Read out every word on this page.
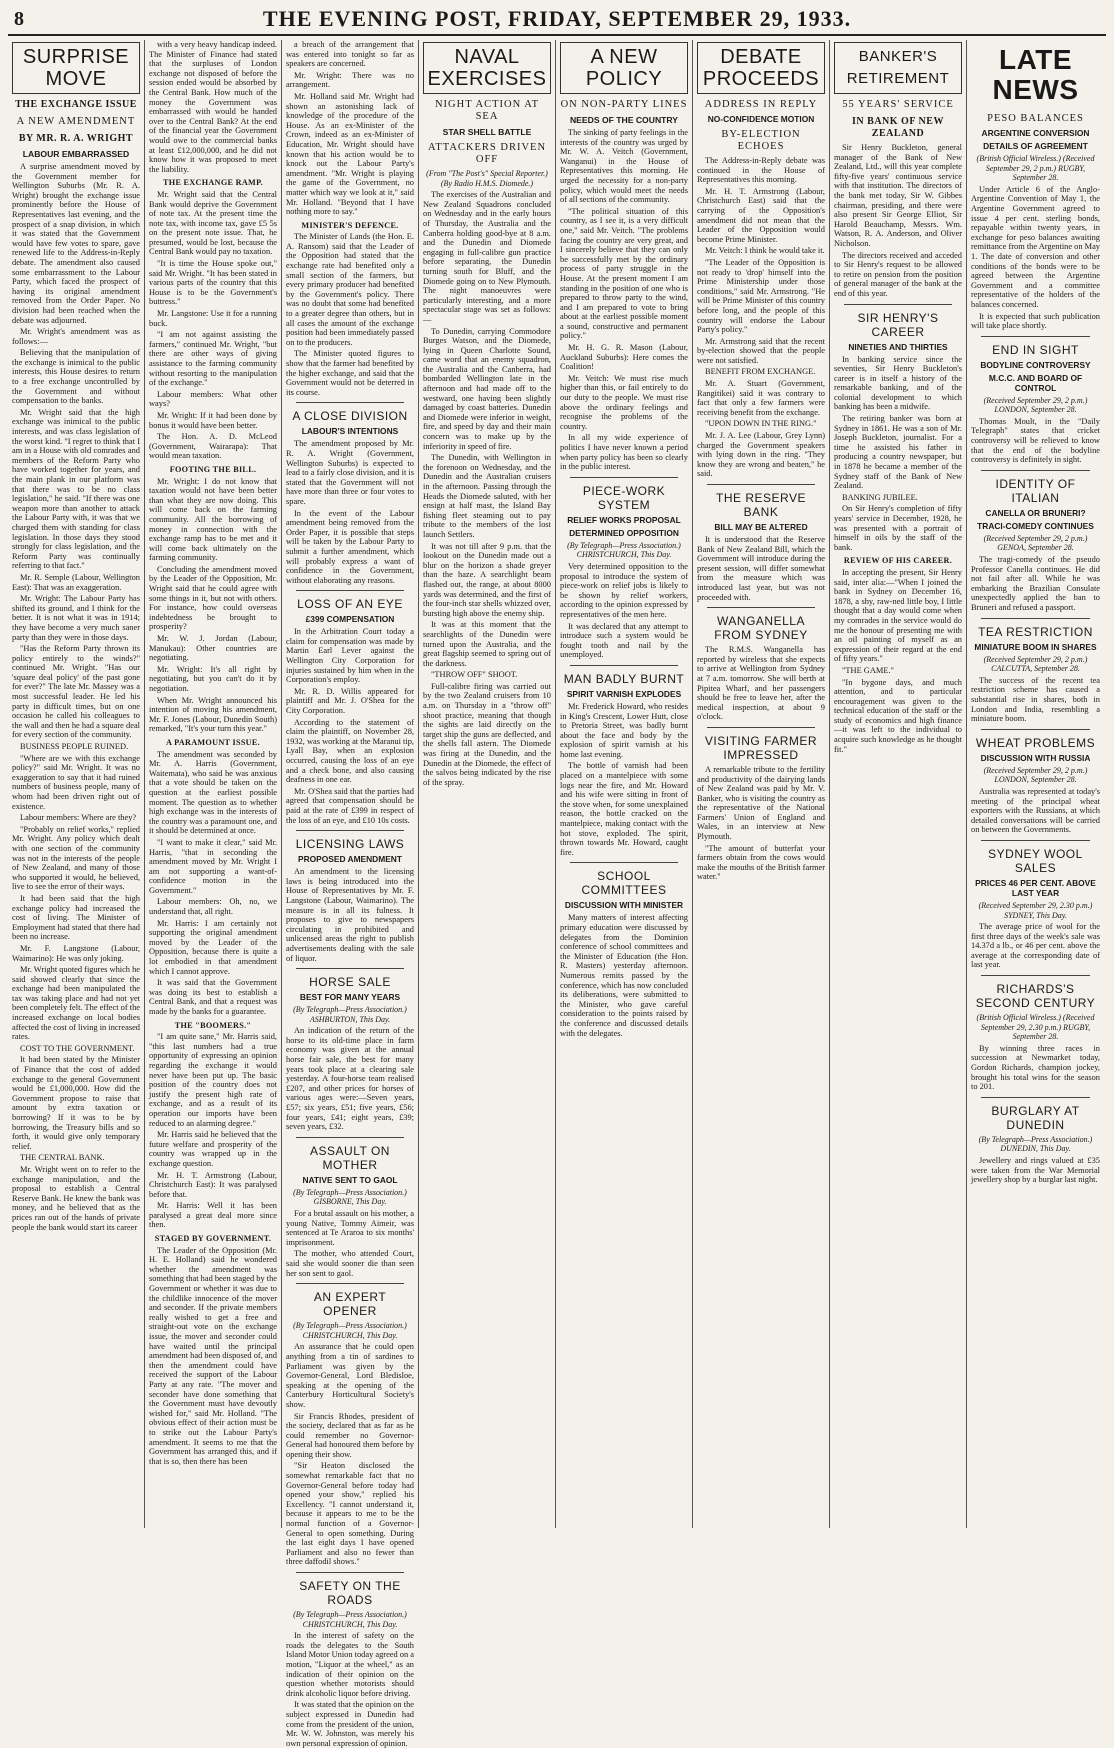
8	THE EVENING POST, FRIDAY, SEPTEMBER 29, 1933.
SURPRISE MOVE
THE EXCHANGE ISSUE
A NEW AMENDMENT
BY MR. R. A. WRIGHT
LABOUR EMBARRASSED

A surprise amendment moved by the Government member for Wellington Suburbs (Mr. R. A. Wright) brought the exchange issue prominently before the House of Representatives last evening, and the prospect of a snap division, in which it was stated that the Government would have few votes to spare, gave renewed life to the Address-in-Reply debate. The amendment also caused some embarrassment to the Labour Party, which faced the prospect of having its original amendment removed from the Order Paper. No division had been reached when the debate was adjourned.

Mr. Wright's amendment was as follows:—

Believing that the manipulation of the exchange is inimical to the public interests, this House desires to return to a free exchange uncontrolled by the Government and without compensation to the banks.

Mr. Wright said that the high exchange was inimical to the public interests, and was class legislation of the worst kind. "I regret to think that I am in a House with old comrades and members of the Reform Party who have worked together for years, and the main plank in our platform was that there was to be no class legislation," he said. "If there was one weapon more than another to attack the Labour Party with, it was that we charged them with standing for class legislation. In those days they stood strongly for class legislation, and the Reform Party was continually referring to that fact."

Mr. R. Semple (Labour, Wellington East): That was an exaggeration.

Mr. Wright: The Labour Party has shifted its ground, and I think for the better. It is not what it was in 1914; they have become a very much saner party than they were in those days.

"Has the Reform Party thrown its policy entirely to the winds?" continued Mr. Wright. "Has our 'square deal policy' of the past gone for ever?" The late Mr. Massey was a most successful leader. He led his party in difficult times, but on one occasion he called his colleagues to the wall and then he had a square deal for every section of the community.

BUSINESS PEOPLE RUINED.

"Where are we with this exchange policy?" said Mr. Wright. It was no exaggeration to say that it had ruined numbers of business people, many of whom had been driven right out of existence.

Labour members: Where are they?

"Probably on relief works," replied Mr. Wright. Any policy which dealt with one section of the community was not in the interests of the people of New Zealand, and many of those who supported it would, he believed, live to see the error of their ways.

It had been said that the high exchange policy had increased the cost of living. The Minister of Employment had stated that there had been no increase.

Mr. F. Langstone (Labour, Waimarino): He was only joking.

Mr. Wright quoted figures which he said showed clearly that since the exchange had been manipulated the tax was taking place and had not yet been completely felt. The effect of the increased exchange on local bodies affected the cost of living in increased rates.

COST TO THE GOVERNMENT.

It had been stated by the Minister of Finance that the cost of added exchange to the general Government would be £1,000,000. How did the Government propose to raise that amount by extra taxation or borrowing? If it was to be by borrowing, the Treasury bills and so forth, it would give only temporary relief.

THE CENTRAL BANK.

Mr. Wright went on to refer to the exchange manipulation, and the proposal to establish a Central Reserve Bank. He knew the bank was money, and he believed that as the prices ran out of the hands of private people the bank would start its career

with a very heavy handicap indeed. The Minister of Finance had stated that the surpluses of London exchange not disposed of before the session ended would be absorbed by the Central Bank. How much of the money the Government was embarrassed with would be handed over to the Central Bank? At the end of the financial year the Government would owe to the commercial banks at least £12,000,000, and he did not know how it was proposed to meet the liability.

THE EXCHANGE RAMP.

Mr. Wright said that the Central Bank would deprive the Government of note tax. At the present time the note tax, with income tax, gave £5 5s on the present note issue. That, he presumed, would be lost, because the Central Bank would pay no taxation.

"It is time the House spoke out," said Mr. Wright. "It has been stated in various parts of the country that this House is to be the Government's buttress."

Mr. Langstone: Use it for a running buck.

"I am not against assisting the farmers," continued Mr. Wright, "but there are other ways of giving assistance to the farming community without resorting to the manipulation of the exchange."

Labour members: What other ways?

Mr. Wright: If it had been done by bonus it would have been better.

The Hon. A. D. McLeod (Government, Wairarapa): That would mean taxation.

FOOTING THE BILL.

Mr. Wright: I do not know that taxation would not have been better than what they are now doing. This will come back on the farming community. All the borrowing of money in connection with the exchange ramp has to be met and it will come back ultimately on the farming community.

Concluding the amendment moved by the Leader of the Opposition, Mr. Wright said that he could agree with some things in it, but not with others. For instance, how could overseas indebtedness be brought to prosperity?

Mr. W. J. Jordan (Labour, Manukau): Other countries are negotiating.

Mr. Wright: It's all right by negotiating, but you can't do it by negotiation.

When Mr. Wright announced his intention of moving his amendment, Mr. F. Jones (Labour, Dunedin South) remarked, "It's your turn this year."

A PARAMOUNT ISSUE.

The amendment was seconded by Mr. A. Harris (Government, Waitemata), who said he was anxious that a vote should be taken on the question at the earliest possible moment. The question as to whether high exchange was in the interests of the country was a paramount one, and it should be determined at once.

"I want to make it clear," said Mr. Harris, "that in seconding the amendment moved by Mr. Wright I am not supporting a want-of-confidence motion in the Government."

Labour members: Oh, no, we understand that, all right.

Mr. Harris: I am certainly not supporting the original amendment moved by the Leader of the Opposition, because there is quite a lot embodied in that amendment which I cannot approve.

It was said that the Government was doing its best to establish a Central Bank, and that a request was made by the banks for a guarantee.

THE "BOOMERS."

"I am quite sane," Mr. Harris said, "this last numbers had a true opportunity of expressing an opinion regarding the exchange it would never have been put up. The basic position of the country does not justify the present high rate of exchange, and as a result of its operation our imports have been reduced to an alarming degree."

Mr. Harris said he believed that the future welfare and prosperity of the country was wrapped up in the exchange question.

Mr. H. T. Armstrong (Labour, Christchurch East): It was paralysed before that.

Mr. Harris: Well it has been paralysed a great deal more since then.

STAGED BY GOVERNMENT.

The Leader of the Opposition (Mr. H. E. Holland) said he wondered whether the amendment was something that had been staged by the Government or whether it was due to the childlike innocence of the mover and seconder. If the private members really wished to get a free and straight-out vote on the exchange issue, the mover and seconder could have waited until the principal amendment had been disposed of, and then the amendment could have received the support of the Labour Party at any rate. "The mover and seconder have done something that the Government must have devoutly wished for," said Mr. Holland. "The obvious effect of their action must be to strike out the Labour Party's amendment. It seems to me that the Government has arranged this, and if that is so, then there has been

a breach of the arrangement that was entered into tonight so far as speakers are concerned.

Mr. Wright: There was no arrangement.

Mr. Holland said Mr. Wright had shown an astonishing lack of knowledge of the procedure of the House. As an ex-Minister of the Crown, indeed as an ex-Minister of Education, Mr. Wright should have known that his action would be to knock out the Labour Party's amendment. "Mr. Wright is playing the game of the Government, no matter which way we look at it," said Mr. Holland. "Beyond that I have nothing more to say."

MINISTER'S DEFENCE.

The Minister of Lands (the Hon. E. A. Ransom) said that the Leader of the Opposition had stated that the exchange rate had benefited only a small section of the farmers, but every primary producer had benefited by the Government's policy. There was no doubt that some had benefited to a greater degree than others, but in all cases the amount of the exchange position had been immediately passed on to the producers.

The Minister quoted figures to show that the farmer had benefited by the higher exchange, and said that the Government would not be deterred in its course.

A CLOSE DIVISION
LABOUR'S INTENTIONS

The amendment proposed by Mr. R. A. Wright (Government, Wellington Suburbs) is expected to lead to a fairly close division, and it is stated that the Government will not have more than three or four votes to spare.

In the event of the Labour amendment being removed from the Order Paper, it is possible that steps will be taken by the Labour Party to submit a further amendment, which will probably express a want of confidence in the Government, without elaborating any reasons.

LOSS OF AN EYE
£399 COMPENSATION

In the Arbitration Court today a claim for compensation was made by Martin Earl Lever against the Wellington City Corporation for injuries sustained by him when in the Corporation's employ.

Mr. R. D. Willis appeared for plaintiff and Mr. J. O'Shea for the City Corporation.

According to the statement of claim the plaintiff, on November 28, 1932, was working at the Maranui tip, Lyall Bay, when an explosion occurred, causing the loss of an eye and a check bone, and also causing deafness in one ear.

Mr. O'Shea said that the parties had agreed that compensation should be paid at the rate of £399 in respect of the loss of an eye, and £10 10s costs.

LICENSING LAWS
PROPOSED AMENDMENT

An amendment to the licensing laws is being introduced into the House of Representatives by Mr. F. Langstone (Labour, Waimarino). The measure is in all its fulness. It proposes to give to newspapers circulating in prohibited and unlicensed areas the right to publish advertisements dealing with the sale of liquor.

HORSE SALE
BEST FOR MANY YEARS
(By Telegraph—Press Association.) ASHBURTON, This Day.

An indication of the return of the horse to its old-time place in farm economy was given at the annual horse fair sale, the best for many years took place at a clearing sale yesterday. A four-horse team realised £207, and other prices for horses of various ages were:—Seven years, £57; six years, £51; five years, £56; four years, £41; eight years, £39; seven years, £32.

ASSAULT ON MOTHER
NATIVE SENT TO GAOL
(By Telegraph—Press Association.) GISBORNE, This Day.

For a brutal assault on his mother, a young Native, Tommy Aimeir, was sentenced at Te Araroa to six months' imprisonment.

The mother, who attended Court, said she would sooner die than seen her son sent to gaol.

AN EXPERT OPENER
(By Telegraph—Press Association.) CHRISTCHURCH, This Day.

An assurance that he could open anything from a tin of sardines to Parliament was given by the Governor-General, Lord Bledisloe, speaking at the opening of the Canterbury Horticultural Society's show.

Sir Francis Rhodes, president of the society, declared that as far as he could remember no Governor-General had honoured them before by opening their show.

"Sir Heaton disclosed the somewhat remarkable fact that no Governor-General before today had opened your show," replied his Excellency. "I cannot understand it, because it appears to me to be the normal function of a Governor-General to open something. During the last eight days I have opened Parliament and also no fewer than three daffodil shows."

SAFETY ON THE ROADS
(By Telegraph—Press Association.) CHRISTCHURCH, This Day.

In the interest of safety on the roads the delegates to the South Island Motor Union today agreed on a motion, "Liquor at the wheel," as an indication of their opinion on the question whether motorists should drink alcoholic liquor before driving.

It was stated that the opinion on the subject expressed in Dunedin had come from the president of the union, Mr. W. W. Johnston, was merely his own personal expression of opinion.

NAVAL EXERCISES
NIGHT ACTION AT SEA
STAR SHELL BATTLE
ATTACKERS DRIVEN OFF
(From "The Post's" Special Reporter.) (By Radio H.M.S. Diomede.)

The exercises of the Australian and New Zealand Squadrons concluded on Wednesday and in the early hours of Thursday, the Australia and the Canberra holding good-bye at 8 a.m. and the Dunedin and Diomede engaging in full-calibre gun practice before separating, the Dunedin turning south for Bluff, and the Diomede going on to New Plymouth. The night manoeuvres were particularly interesting, and a more spectacular stage was set as follows:—

To Dunedin, carrying Commodore Burges Watson, and the Diomede, lying in Queen Charlotte Sound, came word that an enemy squadron, the Australia and the Canberra, had bombarded Wellington late in the afternoon and had made off to the westward, one having been slightly damaged by coast batteries. Dunedin and Diomede were inferior in weight, fire, and speed by day and their main concern was to make up by the inferiority in speed of fire.

The Dunedin, with Wellington in the forenoon on Wednesday, and the Dunedin and the Australian cruisers in the afternoon. Passing through the Heads the Diomede saluted, with her ensign at half mast, the Island Bay fishing fleet steaming out to pay tribute to the members of the lost launch Settlers.

It was not till after 9 p.m. that the lookout on the Dunedin made out a blur on the horizon a shade greyer than the haze. A searchlight beam flashed out, the range, at about 8000 yards was determined, and the first of the four-inch star shells whizzed over, bursting high above the enemy ship.

It was at this moment that the searchlights of the Dunedin were turned upon the Australia, and the great flagship seemed to spring out of the darkness.

"THROW OFF" SHOOT.

Full-calibre firing was carried out by the two Zealand cruisers from 10 a.m. on Thursday in a "throw off" shoot practice, meaning that though the sights are laid directly on the target ship the guns are deflected, and the shells fall astern. The Diomede was firing at the Dunedin, and the Dunedin at the Diomede, the effect of the salvos being indicated by the rise of the spray.

A NEW POLICY
ON NON-PARTY LINES
NEEDS OF THE COUNTRY

The sinking of party feelings in the interests of the country was urged by Mr. W. A. Veitch (Government, Wanganui) in the House of Representatives this morning. He urged the necessity for a non-party policy, which would meet the needs of all sections of the community.

"The political situation of this country, as I see it, is a very difficult one," said Mr. Veitch. "The problems facing the country are very great, and I sincerely believe that they can only be successfully met by the ordinary process of party struggle in the House. At the present moment I am standing in the position of one who is prepared to throw party to the wind, and I am prepared to vote to bring about at the earliest possible moment a sound, constructive and permanent policy."

Mr. H. G. R. Mason (Labour, Auckland Suburbs): Here comes the Coalition!

Mr. Veitch: We must rise much higher than this, or fail entirely to do our duty to the people. We must rise above the ordinary feelings and recognise the problems of the country.

In all my wide experience of politics I have never known a period when party policy has been so clearly in the public interest.

PIECE-WORK SYSTEM
RELIEF WORKS PROPOSAL
DETERMINED OPPOSITION
(By Telegraph—Press Association.) CHRISTCHURCH, This Day.

Very determined opposition to the proposal to introduce the system of piece-work on relief jobs is likely to be shown by relief workers, according to the opinion expressed by representatives of the men here.

It was declared that any attempt to introduce such a system would be fought tooth and nail by the unemployed.

MAN BADLY BURNT
SPIRIT VARNISH EXPLODES

Mr. Frederick Howard, who resides in King's Crescent, Lower Hutt, close to Pretoria Street, was badly burnt about the face and body by the explosion of spirit varnish at his home last evening.

The bottle of varnish had been placed on a mantelpiece with some logs near the fire, and Mr. Howard and his wife were sitting in front of the stove when, for some unexplained reason, the bottle cracked on the mantelpiece, making contact with the hot stove, exploded. The spirit, thrown towards Mr. Howard, caught fire.

SCHOOL COMMITTEES
DISCUSSION WITH MINISTER

Many matters of interest affecting primary education were discussed by delegates from the Dominion conference of school committees and the Minister of Education (the Hon. R. Masters) yesterday afternoon. Numerous remits passed by the conference, which has now concluded its deliberations, were submitted to the Minister, who gave careful consideration to the points raised by the conference and discussed details with the delegates.

DEBATE PROCEEDS
ADDRESS IN REPLY
NO-CONFIDENCE MOTION
BY-ELECTION ECHOES

The Address-in-Reply debate was continued in the House of Representatives this morning.

Mr. H. T. Armstrong (Labour, Christchurch East) said that the carrying of the Opposition's amendment did not mean that the Leader of the Opposition would become Prime Minister.

Mr. Veitch: I think he would take it.

"The Leader of the Opposition is not ready to 'drop' himself into the Prime Ministership under those conditions," said Mr. Armstrong. "He will be Prime Minister of this country before long, and the people of this country will endorse the Labour Party's policy."

Mr. Armstrong said that the recent by-election showed that the people were not satisfied.

BENEFIT FROM EXCHANGE.

Mr. A. Stuart (Government, Rangitikei) said it was contrary to fact that only a few farmers were receiving benefit from the exchange.

"UPON DOWN IN THE RING."

Mr. J. A. Lee (Labour, Grey Lynn) charged the Government speakers with lying down in the ring. "They know they are wrong and beaten," he said.

THE RESERVE BANK
BILL MAY BE ALTERED

It is understood that the Reserve Bank of New Zealand Bill, which the Government will introduce during the present session, will differ somewhat from the measure which was introduced last year, but was not proceeded with.

WANGANELLA FROM SYDNEY

The R.M.S. Wanganella has reported by wireless that she expects to arrive at Wellington from Sydney at 7 a.m. tomorrow. She will berth at Pipitea Wharf, and her passengers should be free to leave her, after the medical inspection, at about 9 o'clock.

VISITING FARMER IMPRESSED

A remarkable tribute to the fertility and productivity of the dairying lands of New Zealand was paid by Mr. V. Banker, who is visiting the country as the representative of the National Farmers' Union of England and Wales, in an interview at New Plymouth.

"The amount of butterfat your farmers obtain from the cows would make the mouths of the British farmer water."

BANKER'S RETIREMENT
55 YEARS' SERVICE
IN BANK OF NEW ZEALAND

Sir Henry Buckleton, general manager of the Bank of New Zealand, Ltd., will this year complete fifty-five years' continuous service with that institution. The directors of the bank met today, Sir W. Gibbes chairman, presiding, and there were also present Sir George Elliot, Sir Harold Beauchamp, Messrs. Wm. Watson, R. A. Anderson, and Oliver Nicholson.

The directors received and acceded to Sir Henry's request to be allowed to retire on pension from the position of general manager of the bank at the end of this year.

SIR HENRY'S CAREER
NINETIES AND THIRTIES

In banking service since the seventies, Sir Henry Buckleton's career is in itself a history of the remarkable banking, and of the colonial development to which banking has been a midwife.

The retiring banker was born at Sydney in 1861. He was a son of Mr. Joseph Buckleton, journalist. For a time he assisted his father in producing a country newspaper, but in 1878 he became a member of the Sydney staff of the Bank of New Zealand.

BANKING JUBILEE.

On Sir Henry's completion of fifty years' service in December, 1928, he was presented with a portrait of himself in oils by the staff of the bank.

REVIEW OF HIS CAREER.

In accepting the present, Sir Henry said, inter alia:—"When I joined the bank in Sydney on December 16, 1878, a shy, raw-ned little boy, I little thought that a day would come when my comrades in the service would do me the honour of presenting me with an oil painting of myself as an expression of their regard at the end of fifty years."

"THE GAME."

"In bygone days, and much attention, and to particular encouragement was given to the technical education of the staff or the study of economics and high finance—it was left to the individual to acquire such knowledge as he thought fit."

LATE NEWS
PESO BALANCES
ARGENTINE CONVERSION
DETAILS OF AGREEMENT
(British Official Wireless.) (Received September 29, 2 p.m.) RUGBY, September 28.

Under Article 6 of the Anglo-Argentine Convention of May 1, the Argentine Government agreed to issue 4 per cent. sterling bonds, repayable within twenty years, in exchange for peso balances awaiting remittance from the Argentine on May 1. The date of conversion and other conditions of the bonds were to be agreed between the Argentine Government and a committee representative of the holders of the balances concerned.

It is expected that such publication will take place shortly.

END IN SIGHT
BODYLINE CONTROVERSY
M.C.C. AND BOARD OF CONTROL
(Received September 29, 2 p.m.) LONDON, September 28.

Thomas Moult, in the "Daily Telegraph" states that cricket controversy will be relieved to know that the end of the bodyline controversy is definitely in sight.

IDENTITY OF ITALIAN
CANELLA OR BRUNERI?
TRACI-COMEDY CONTINUES
(Received September 29, 2 p.m.) GENOA, September 28.

The tragi-comedy of the pseudo Professor Canella continues. He did not fail after all. While he was embarking the Brazilian Consulate unexpectedly applied the ban to Bruneri and refused a passport.

TEA RESTRICTION
MINIATURE BOOM IN SHARES
(Received September 29, 2 p.m.) CALCUTTA, September 28.

The success of the recent tea restriction scheme has caused a substantial rise in shares, both in London and India, resembling a miniature boom.

WHEAT PROBLEMS
DISCUSSION WITH RUSSIA
(Received September 29, 2 p.m.) LONDON, September 28.

Australia was represented at today's meeting of the principal wheat exporters with the Russians, at which detailed conversations will be carried on between the Governments.

SYDNEY WOOL SALES
PRICES 46 PER CENT. ABOVE LAST YEAR
(Received September 29, 2.30 p.m.) SYDNEY, This Day.

The average price of wool for the first three days of the week's sale was 14.37d a lb., or 46 per cent. above the average at the corresponding date of last year.

RICHARDS'S SECOND CENTURY
(British Official Wireless.) (Received September 29, 2.30 p.m.) RUGBY, September 28.

By winning three races in succession at Newmarket today, Gordon Richards, champion jockey, brought his total wins for the season to 201.

BURGLARY AT DUNEDIN
(By Telegraph—Press Association.) DUNEDIN, This Day.

Jewellery and rings valued at £35 were taken from the War Memorial jewellery shop by a burglar last night.
